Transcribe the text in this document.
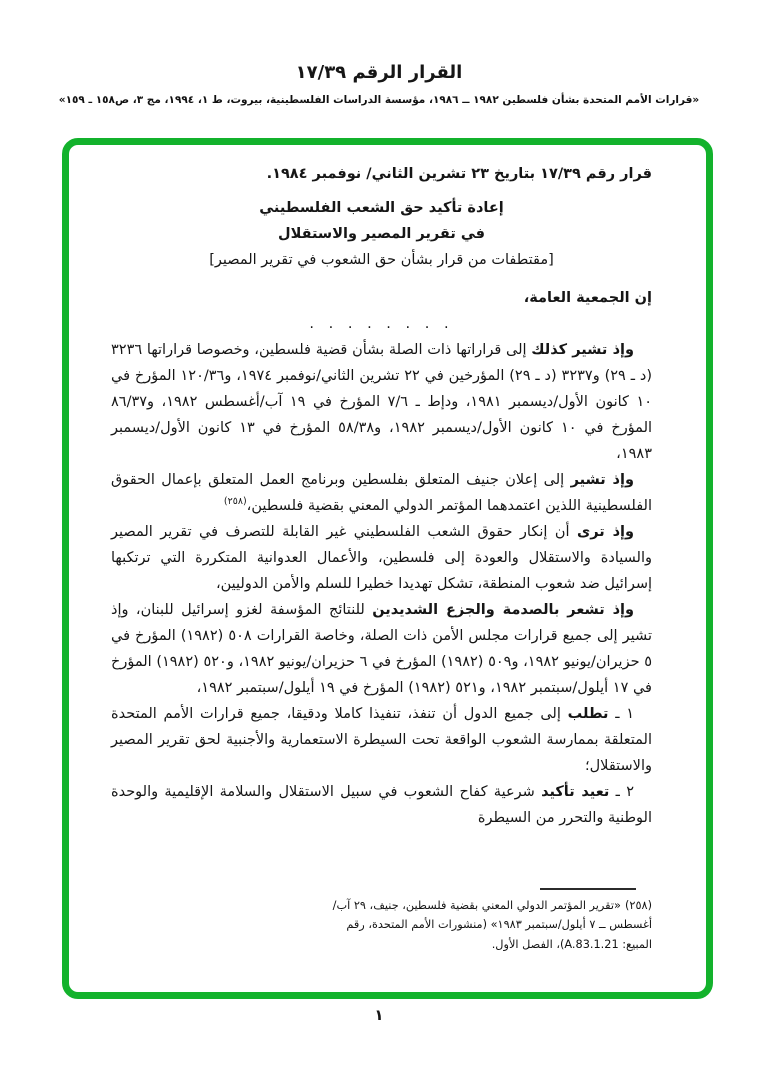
القرار الرقم ١٧/٣٩
«قرارات الأمم المتحدة بشأن فلسطين ١٩٨٢ ــ ١٩٨٦، مؤسسة الدراسات الفلسطينية، بيروت، ط ١، ١٩٩٤، مج ٣، ص١٥٨ ـ ١٥٩»
قرار رقم ١٧/٣٩ بتاريخ ٢٣ تشرين الثاني/ نوفمبر ١٩٨٤.
إعادة تأكيد حق الشعب الفلسطيني
في تقرير المصير والاستقلال
[مقتطفات من قرار بشأن حق الشعوب في تقرير المصير]
إن الجمعية العامة،
. . . . . . . .

وإذ تشير كذلك إلى قراراتها ذات الصلة بشأن قضية فلسطين، وخصوصا قراراتها ٣٢٣٦ (د ـ ٢٩) و٣٢٣٧ (د ـ ٢٩) المؤرخين في ٢٢ تشرين الثاني/نوفمبر ١٩٧٤، و١٢٠/٣٦ المؤرخ في ١٠ كانون الأول/ديسمبر ١٩٨١، ودإط ـ ٧/٦ المؤرخ في ١٩ آب/أغسطس ١٩٨٢، و٨٦/٣٧ المؤرخ في ١٠ كانون الأول/ديسمبر ١٩٨٢، و٥٨/٣٨ المؤرخ في ١٣ كانون الأول/ديسمبر ١٩٨٣،

وإذ تشير إلى إعلان جنيف المتعلق بفلسطين وبرنامج العمل المتعلق بإعمال الحقوق الفلسطينية اللذين اعتمدهما المؤتمر الدولي المعني بقضية فلسطين،$^{(٢٥٨)}$

وإذ ترى أن إنكار حقوق الشعب الفلسطيني غير القابلة للتصرف في تقرير المصير والسيادة والاستقلال والعودة إلى فلسطين، والأعمال العدوانية المتكررة التي ترتكبها إسرائيل ضد شعوب المنطقة، تشكل تهديدا خطيرا للسلم والأمن الدوليين،

وإذ تشعر بالصدمة والجزع الشديدين للنتائج المؤسفة لغزو إسرائيل للبنان، وإذ تشير إلى جميع قرارات مجلس الأمن ذات الصلة، وخاصة القرارات ٥٠٨ (١٩٨٢) المؤرخ في ٥ حزيران/يونيو ١٩٨٢، و٥٠٩ (١٩٨٢) المؤرخ في ٦ حزيران/يونيو ١٩٨٢، و٥٢٠ (١٩٨٢) المؤرخ في ١٧ أيلول/سبتمبر ١٩٨٢، و٥٢١ (١٩٨٢) المؤرخ في ١٩ أيلول/سبتمبر ١٩٨٢،

١ ـ تطلب إلى جميع الدول أن تنفذ، تنفيذا كاملا ودقيقا، جميع قرارات الأمم المتحدة المتعلقة بممارسة الشعوب الواقعة تحت السيطرة الاستعمارية والأجنبية لحق تقرير المصير والاستقلال؛

٢ ـ تعيد تأكيد شرعية كفاح الشعوب في سبيل الاستقلال والسلامة الإقليمية والوحدة الوطنية والتحرر من السيطرة

(٢٥٨)«تقرير المؤتمر الدولي المعني بقضية فلسطين، جنيف، ٢٩ آب/أغسطس ــ ٧ أيلول/سبتمبر ١٩٨٣» (منشورات الأمم المتحدة، رقم المبيع: A.83.1.21)، الفصل الأول.
١
